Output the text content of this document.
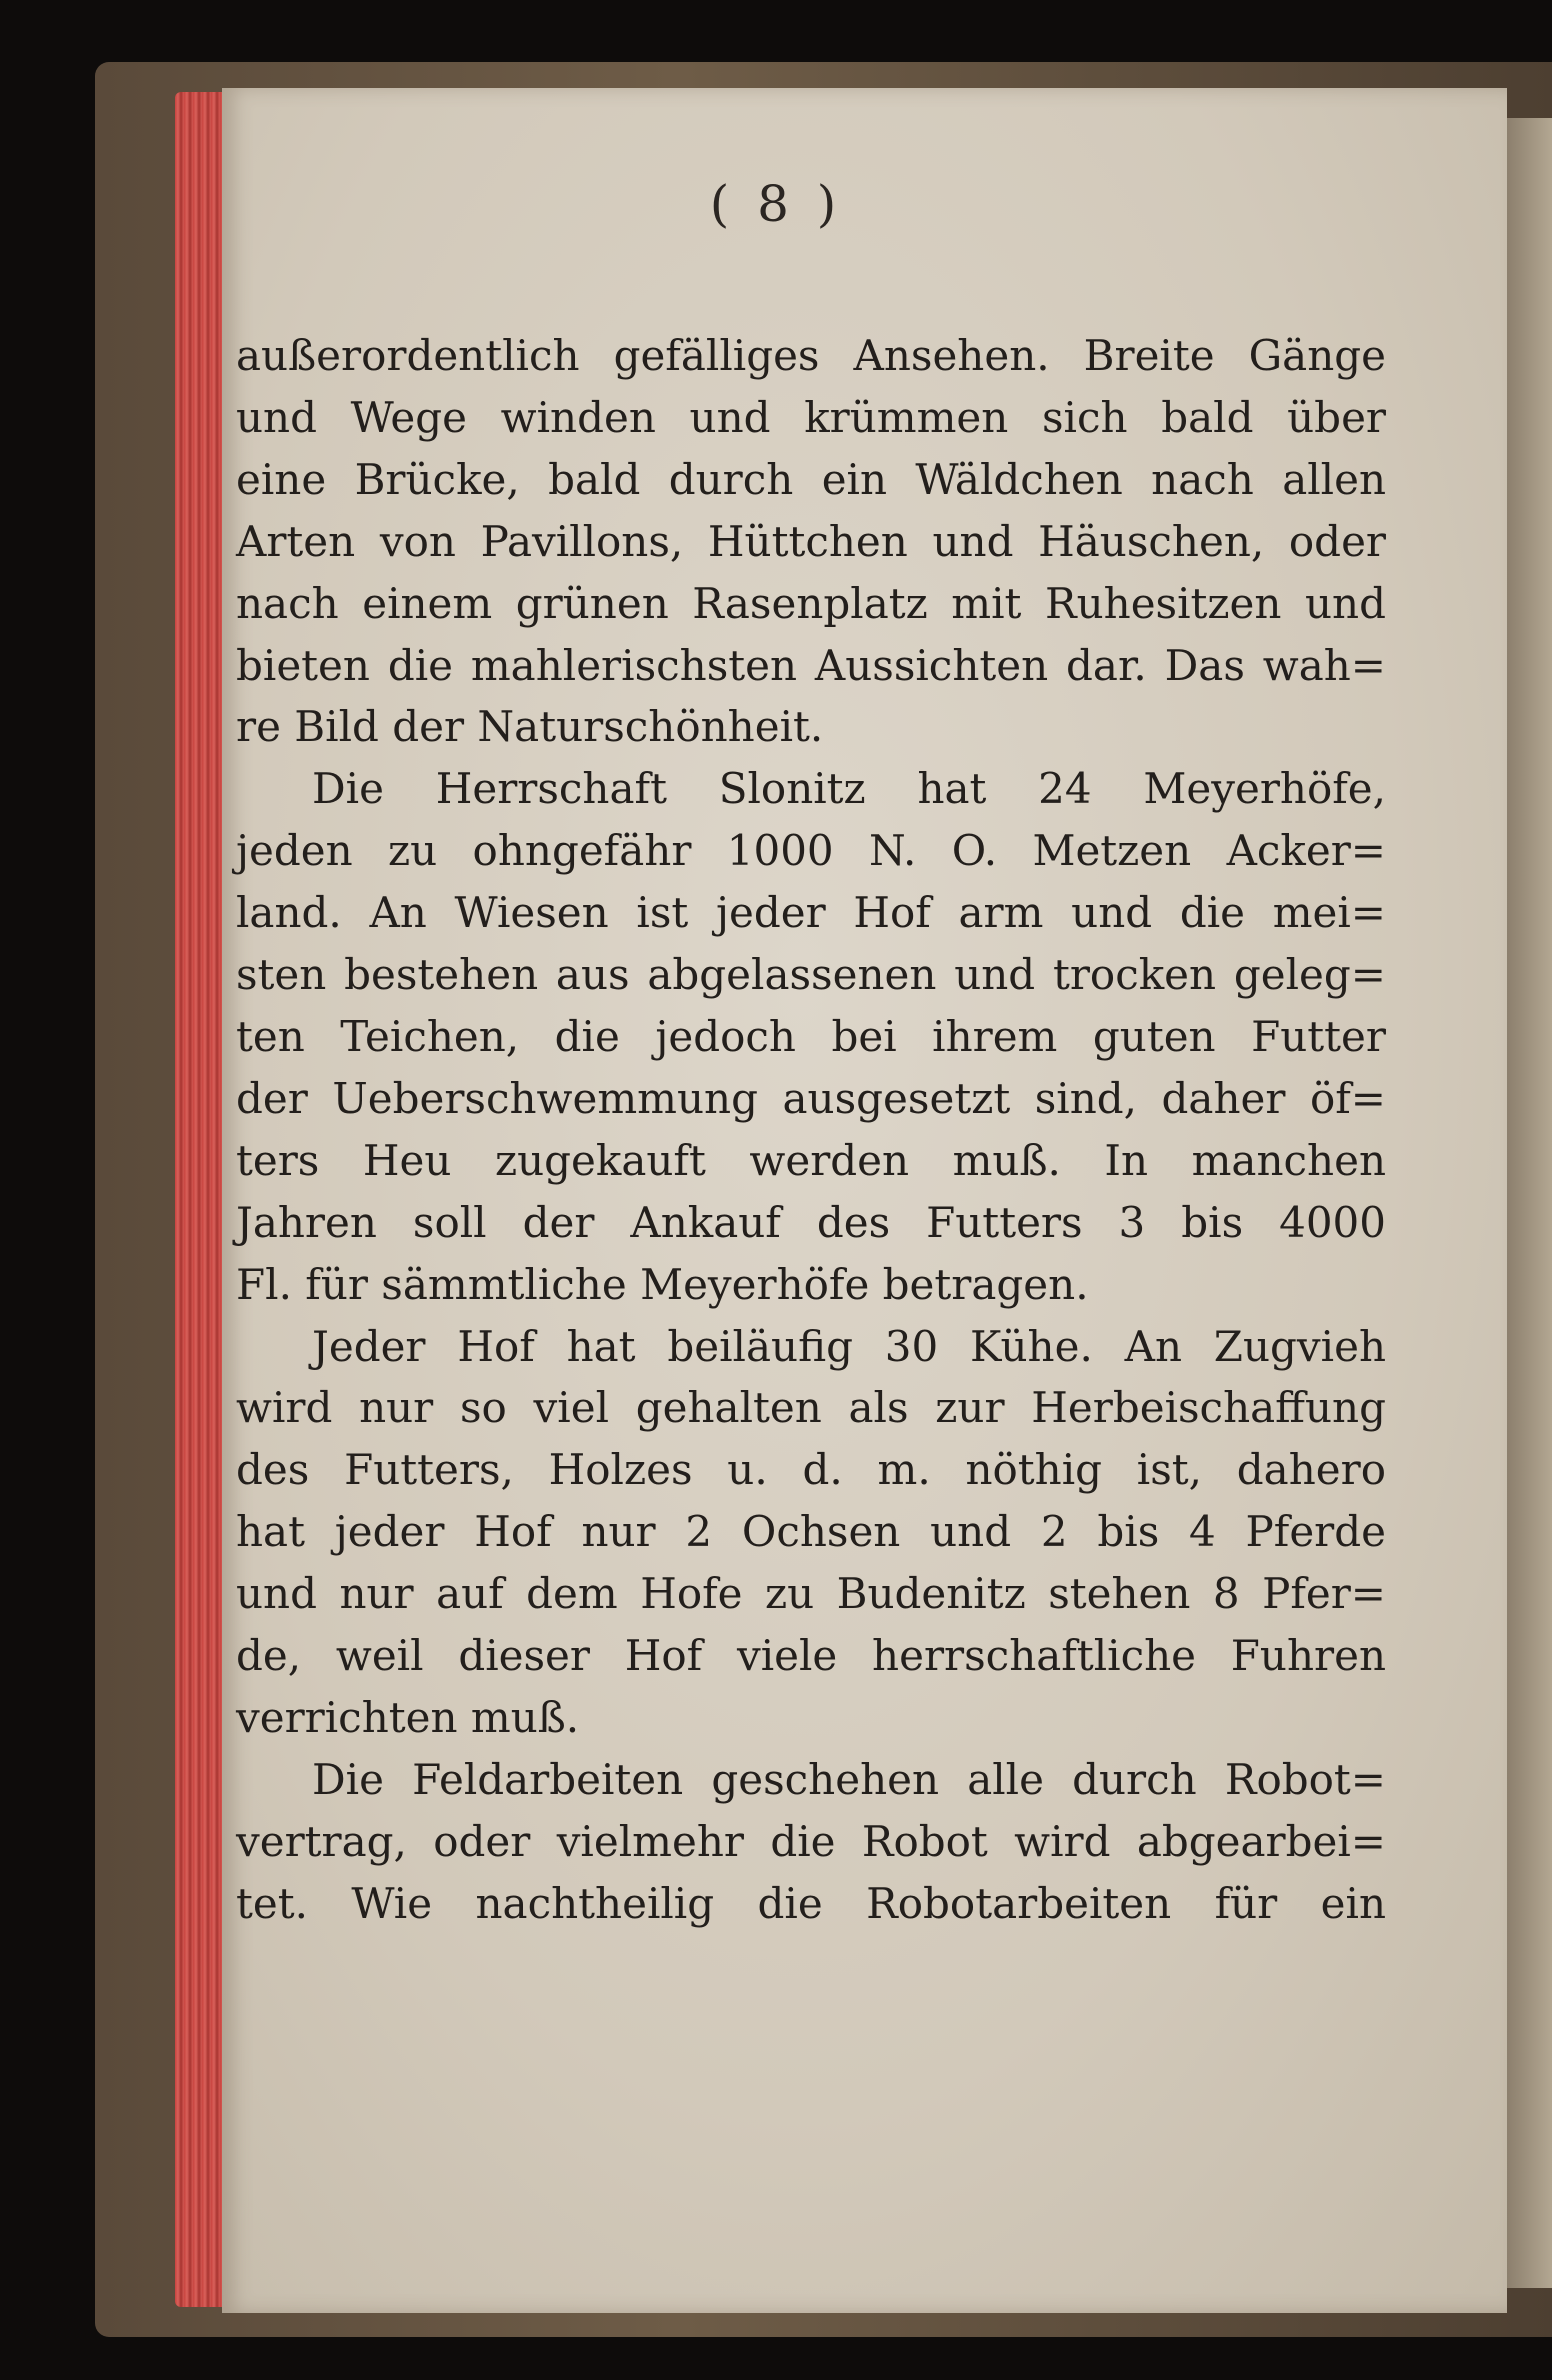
( 8 )
außerordentlich gefälliges Ansehen. Breite Gänge
und Wege winden und krümmen sich bald über
eine Brücke, bald durch ein Wäldchen nach allen
Arten von Pavillons, Hüttchen und Häuschen, oder
nach einem grünen Rasenplatz mit Ruhesitzen und
bieten die mahlerischsten Aussichten dar. Das wah=
re Bild der Naturschönheit.
Die Herrschaft Slonitz hat 24 Meyerhöfe,
jeden zu ohngefähr 1000 N. O. Metzen Acker=
land. An Wiesen ist jeder Hof arm und die mei=
sten bestehen aus abgelassenen und trocken geleg=
ten Teichen, die jedoch bei ihrem guten Futter
der Ueberschwemmung ausgesetzt sind, daher öf=
ters Heu zugekauft werden muß. In manchen
Jahren soll der Ankauf des Futters 3 bis 4000
Fl. für sämmtliche Meyerhöfe betragen.
Jeder Hof hat beiläufig 30 Kühe. An Zugvieh
wird nur so viel gehalten als zur Herbeischaffung
des Futters, Holzes u. d. m. nöthig ist, dahero
hat jeder Hof nur 2 Ochsen und 2 bis 4 Pferde
und nur auf dem Hofe zu Budenitz stehen 8 Pfer=
de, weil dieser Hof viele herrschaftliche Fuhren
verrichten muß.
Die Feldarbeiten geschehen alle durch Robot=
vertrag, oder vielmehr die Robot wird abgearbei=
tet. Wie nachtheilig die Robotarbeiten für ein
